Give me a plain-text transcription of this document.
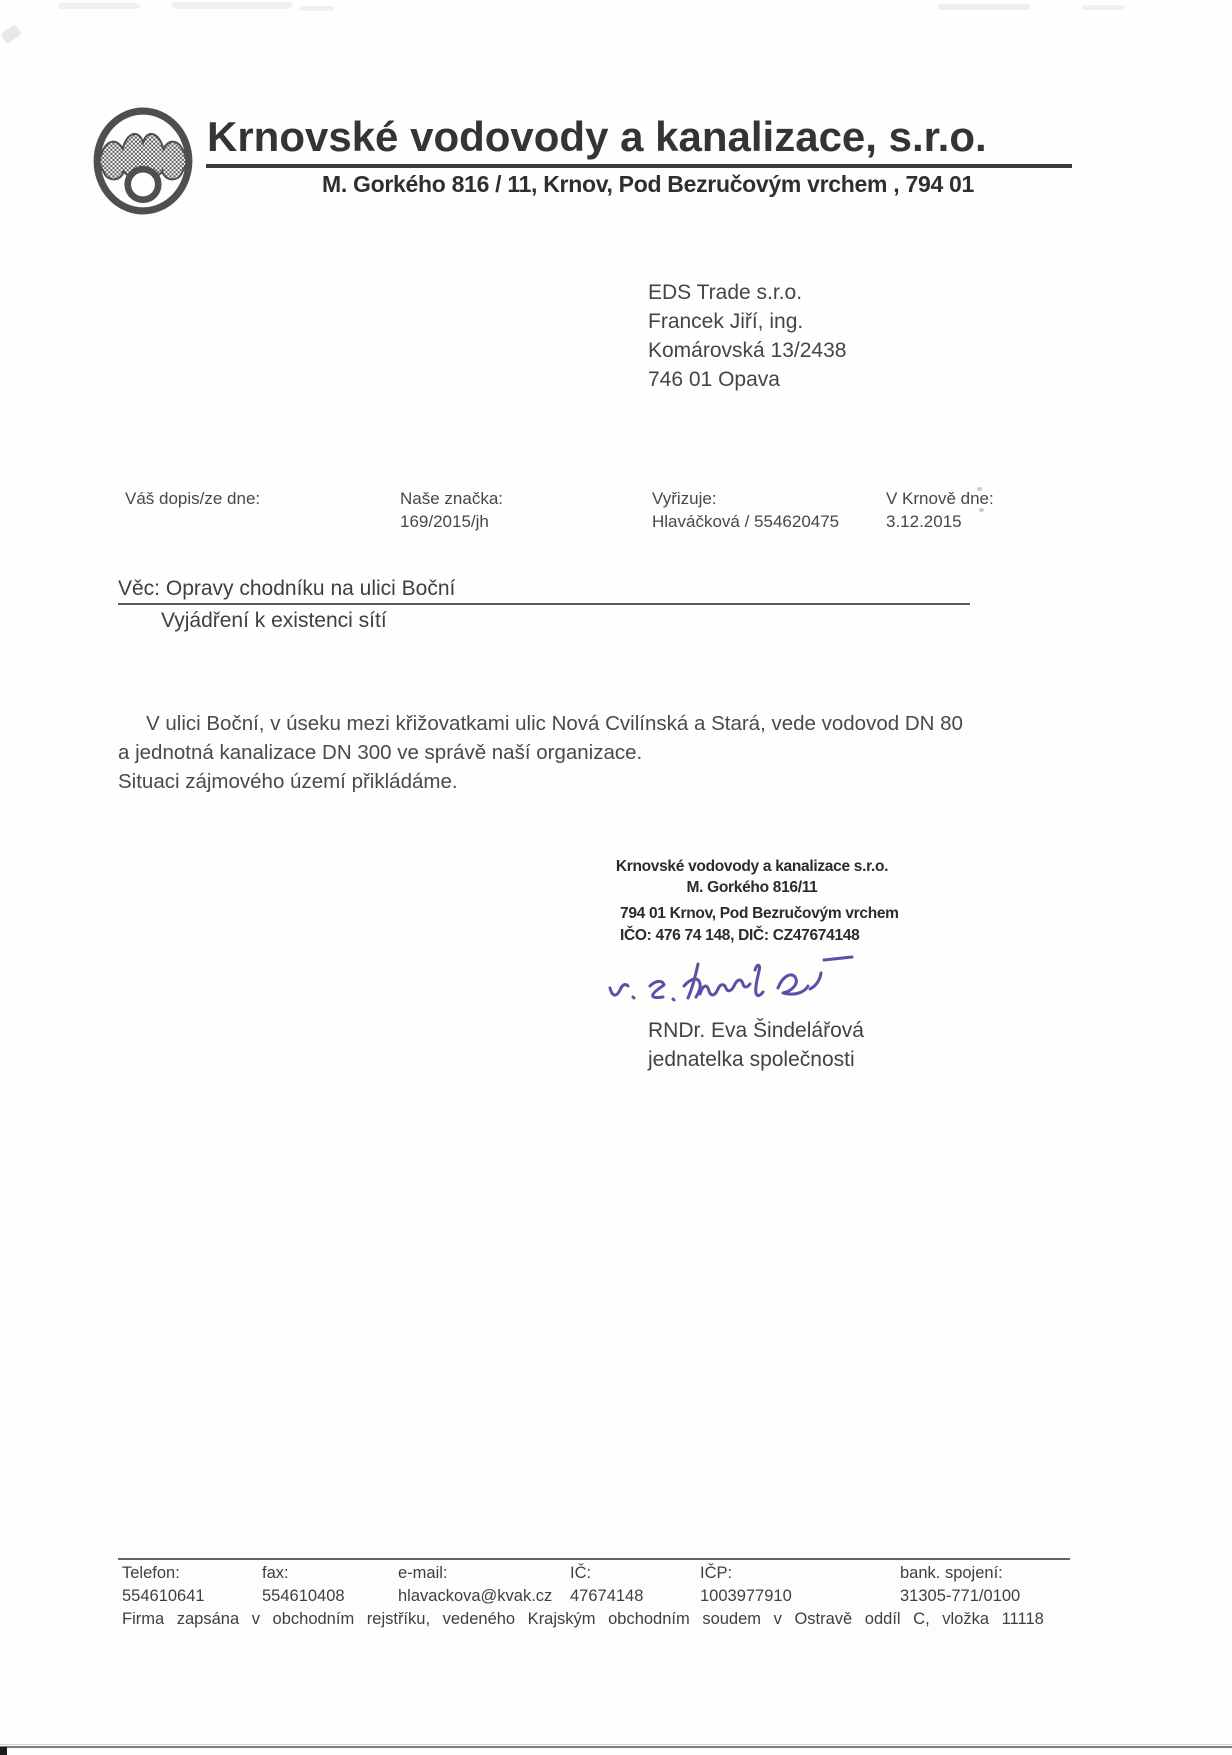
Krnovské vodovody a kanalizace, s.r.o.
M. Gorkého 816 / 11, Krnov, Pod Bezručovým vrchem , 794 01
EDS Trade s.r.o.
Francek Jiří, ing.
Komárovská 13/2438
746 01 Opava
Váš dopis/ze dne:	Naše značka:
169/2015/jh
Vyřizuje:
Hlaváčková / 554620475
V Krnově dne:
3.12.2015
Věc: Opravy chodníku na ulici Boční
Vyjádření k existenci sítí
V ulici Boční, v úseku mezi křižovatkami ulic Nová Cvilínská a Stará, vede vodovod DN 80
a jednotná kanalizace DN 300 ve správě naší organizace.
Situaci zájmového území přikládáme.
Krnovské vodovody a kanalizace s.r.o.
M. Gorkého 816/11
794 01 Krnov, Pod Bezručovým vrchem
IČO: 476 74 148, DIČ: CZ47674148
RNDr. Eva Šindelářová
jednatelka společnosti
Telefon:
554610641
fax:
554610408
e-mail:
hlavackova@kvak.cz
IČ:
47674148
IČP:
1003977910
bank. spojení:
31305-771/0100
Firma zapsána v obchodním rejstříku, vedeného Krajským obchodním soudem v Ostravě oddíl C, vložka 11118
